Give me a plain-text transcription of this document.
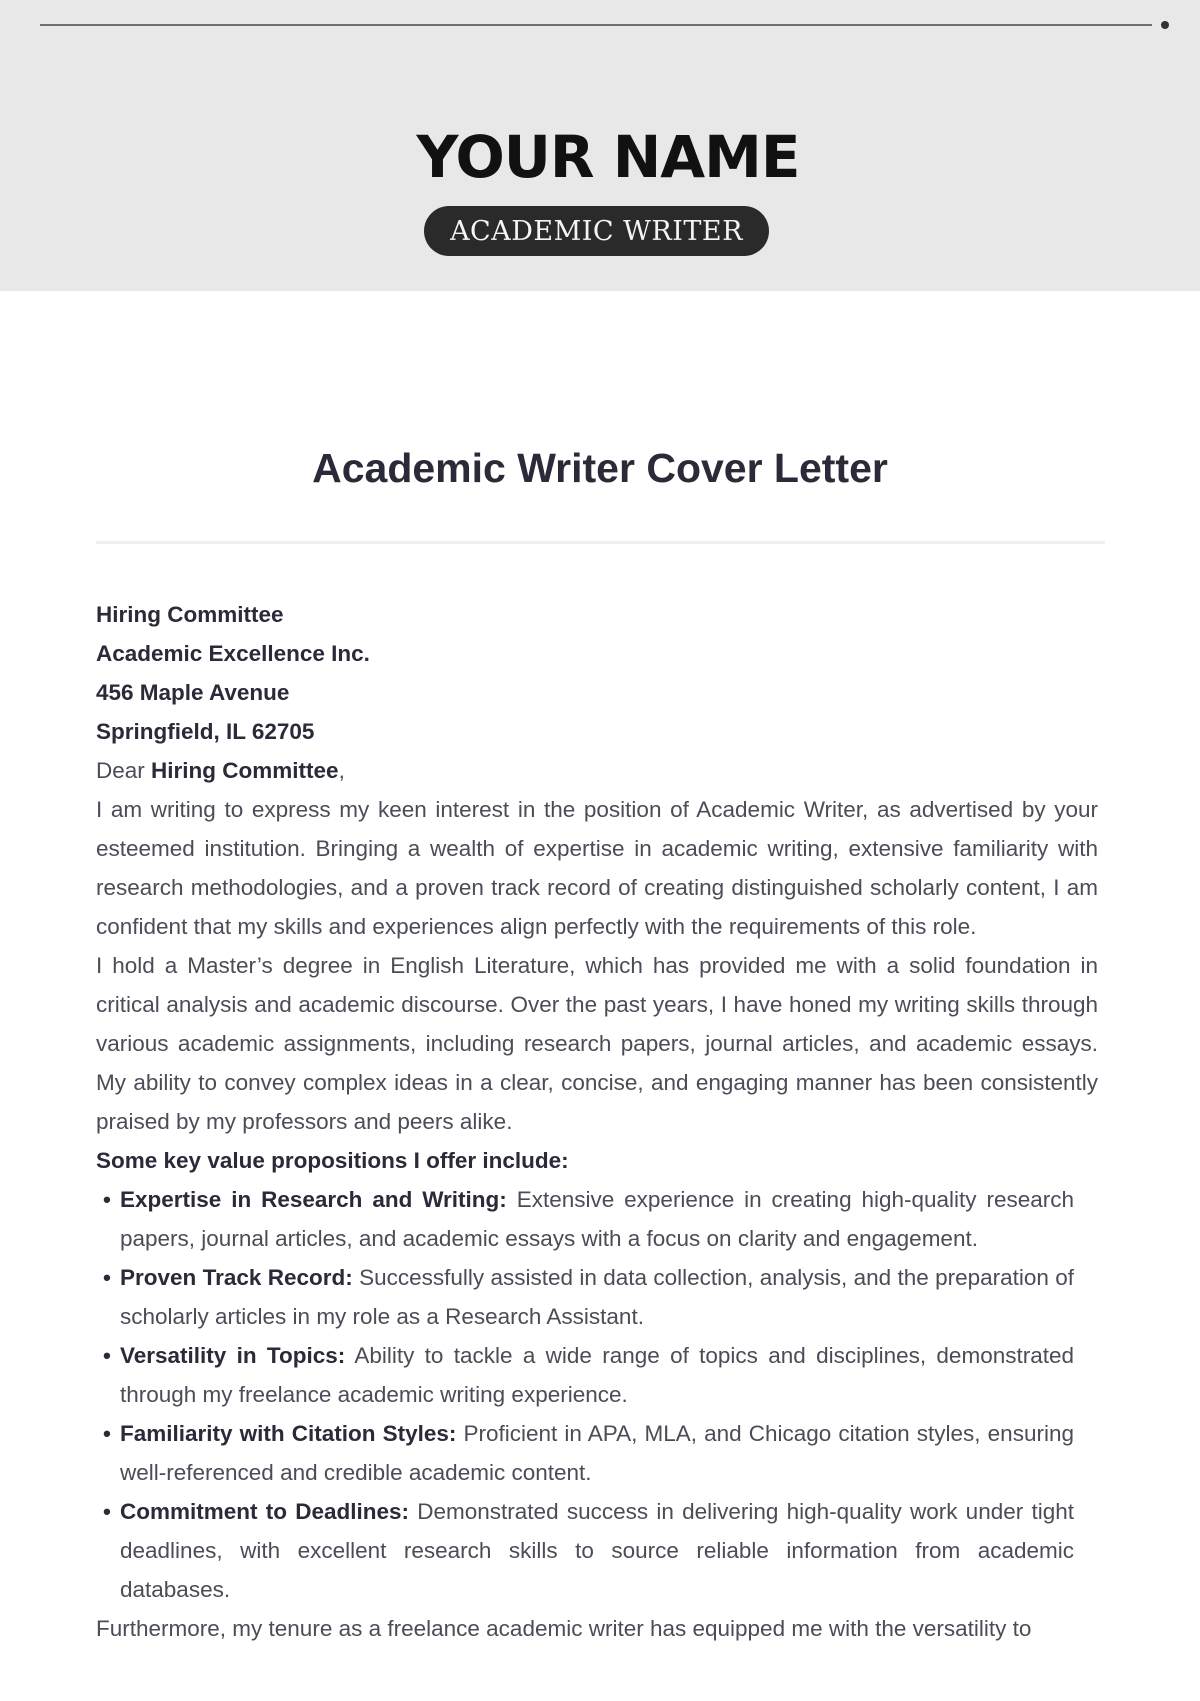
YOUR NAME
ACADEMIC WRITER
Academic Writer Cover Letter
Hiring Committee
Academic Excellence Inc.
456 Maple Avenue
Springfield, IL 62705

Dear Hiring Committee,

I am writing to express my keen interest in the position of Academic Writer, as advertised by your esteemed institution. Bringing a wealth of expertise in academic writing, extensive familiarity with research methodologies, and a proven track record of creating distinguished scholarly content, I am confident that my skills and experiences align perfectly with the requirements of this role.

I hold a Master’s degree in English Literature, which has provided me with a solid foundation in critical analysis and academic discourse. Over the past years, I have honed my writing skills through various academic assignments, including research papers, journal articles, and academic essays. My ability to convey complex ideas in a clear, concise, and engaging manner has been consistently praised by my professors and peers alike.

Some key value propositions I offer include:

• Expertise in Research and Writing: Extensive experience in creating high-quality research papers, journal articles, and academic essays with a focus on clarity and engagement.
• Proven Track Record: Successfully assisted in data collection, analysis, and the preparation of scholarly articles in my role as a Research Assistant.
• Versatility in Topics: Ability to tackle a wide range of topics and disciplines, demonstrated through my freelance academic writing experience.
• Familiarity with Citation Styles: Proficient in APA, MLA, and Chicago citation styles, ensuring well-referenced and credible academic content.
• Commitment to Deadlines: Demonstrated success in delivering high-quality work under tight deadlines, with excellent research skills to source reliable information from academic databases.

Furthermore, my tenure as a freelance academic writer has equipped me with the versatility to
